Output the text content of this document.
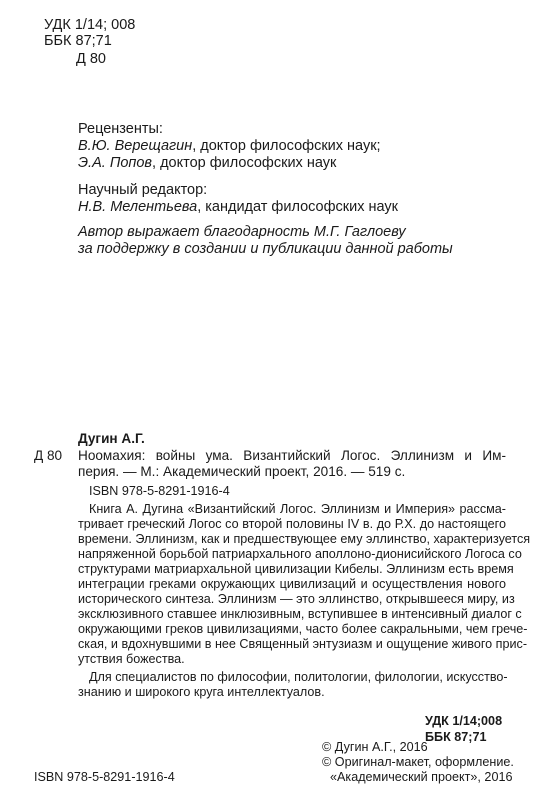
УДК 1/14; 008
ББК 87;71
Д 80
Рецензенты:
В.Ю. Верещагин, доктор философских наук;
Э.А. Попов, доктор философских наук
Научный редактор:
Н.В. Мелентьева, кандидат философских наук
Автор выражает благодарность М.Г. Гаглоеву
за поддержку в создании и публикации данной работы
Дугин А.Г.
Д 80 Ноомахия: войны ума. Византийский Логос. Эллинизм и Им-
перия. — М.: Академический проект, 2016. — 519 с.
ISBN 978-5-8291-1916-4
Книга А. Дугина «Византийский Логос. Эллинизм и Империя» рассма-
тривает греческий Логос со второй половины IV в. до Р.Х. до настоящего
времени. Эллинизм, как и предшествующее ему эллинство, характеризуется
напряженной борьбой патриархального аполлоно-дионисийского Логоса со
структурами матриархальной цивилизации Кибелы. Эллинизм есть время
интеграции греками окружающих цивилизаций и осуществления нового
исторического синтеза. Эллинизм — это эллинство, открывшееся миру, из
эксклюзивного ставшее инклюзивным, вступившее в интенсивный диалог с
окружающими греков цивилизациями, часто более сакральными, чем грече-
ская, и вдохнувшими в нее Священный энтузиазм и ощущение живого прис-
утствия божества.
Для специалистов по философии, политологии, филологии, искусство-
знанию и широкого круга интеллектуалов.
УДК 1/14;008
ББК 87;71
ISBN 978-5-8291-1916-4
© Дугин А.Г., 2016
© Оригинал-макет, оформление.
«Академический проект», 2016
